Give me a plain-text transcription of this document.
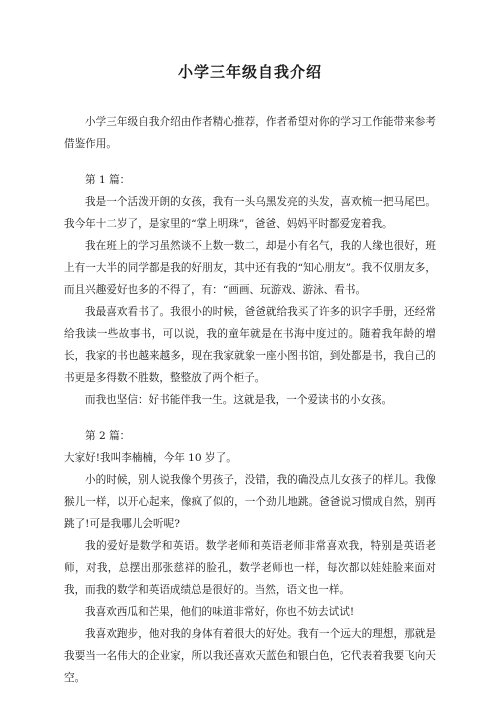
小学三年级自我介绍

小学三年级自我介绍由作者精心推荐，作者希望对你的学习工作能带来参考借鉴作用。

第 1 篇：

我是一个活泼开朗的女孩，我有一头乌黑发亮的头发，喜欢梳一把马尾巴。我今年十二岁了，是家里的“掌上明珠”，爸爸、妈妈平时都爱宠着我。

我在班上的学习虽然谈不上数一数二，却是小有名气，我的人缘也很好，班上有一大半的同学都是我的好朋友，其中还有我的“知心朋友”。我不仅朋友多，而且兴趣爱好也多的不得了，有：“画画、玩游戏、游泳、看书。

我最喜欢看书了。我很小的时候，爸爸就给我买了许多的识字手册，还经常给我读一些故事书，可以说，我的童年就是在书海中度过的。随着我年龄的增长，我家的书也越来越多，现在我家就象一座小图书馆，到处都是书，我自己的书更是多得数不胜数，整整放了两个柜子。

而我也坚信：好书能伴我一生。这就是我，一个爱读书的小女孩。

第 2 篇：

大家好!我叫李楠楠，今年 10 岁了。

小的时候，别人说我像个男孩子，没错，我的确没点儿女孩子的样儿。我像猴儿一样，以开心起来，像疯了似的，一个劲儿地跳。爸爸说习惯成自然，别再跳了!可是我哪儿会听呢?

我的爱好是数学和英语。数学老师和英语老师非常喜欢我，特别是英语老师，对我，总摆出那张慈祥的脸孔，数学老师也一样，每次都以娃娃脸来面对我，而我的数学和英语成绩总是很好的。当然，语文也一样。

我喜欢西瓜和芒果，他们的味道非常好，你也不妨去试试!

我喜欢跑步，他对我的身体有着很大的好处。我有一个远大的理想，那就是我要当一名伟大的企业家，所以我还喜欢天蓝色和银白色，它代表着我要飞向天空。
